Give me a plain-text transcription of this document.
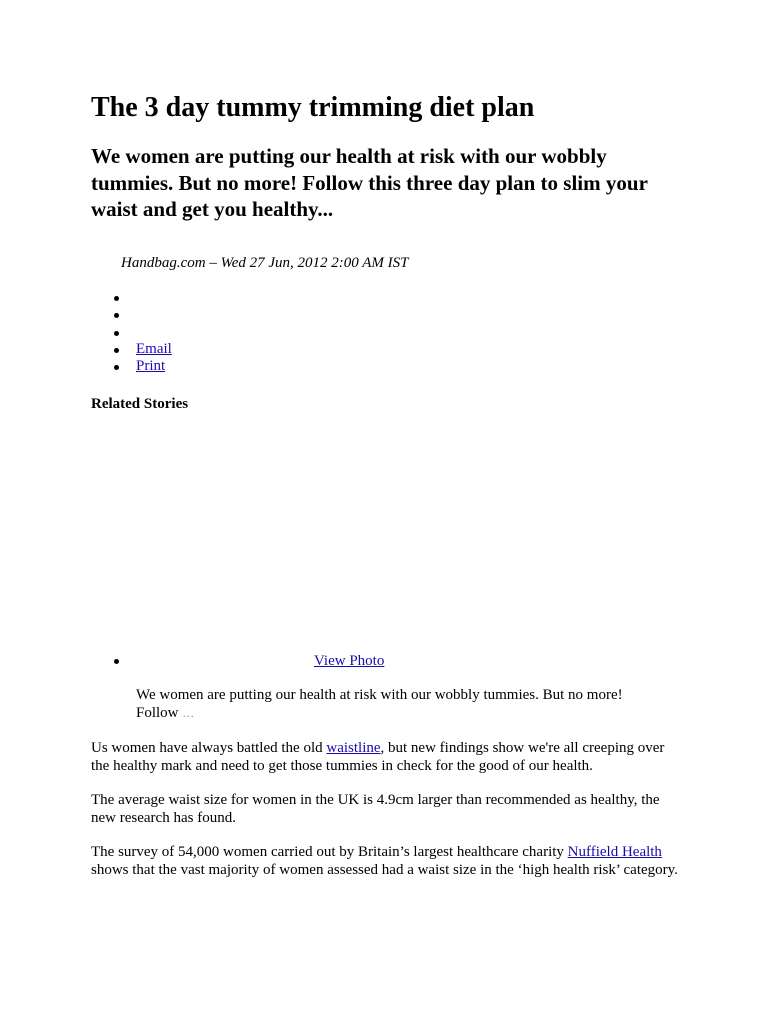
The 3 day tummy trimming diet plan
We women are putting our health at risk with our wobbly tummies. But no more! Follow this three day plan to slim your waist and get you healthy...

Handbag.com – Wed 27 Jun, 2012 2:00 AM IST

Email
Print
Related Stories
View Photo

We women are putting our health at risk with our wobbly tummies. But no more! Follow …

Us women have always battled the old waistline, but new findings show we're all creeping over the healthy mark and need to get those tummies in check for the good of our health.

The average waist size for women in the UK is 4.9cm larger than recommended as healthy, the new research has found.

The survey of 54,000 women carried out by Britain’s largest healthcare charity Nuffield Health shows that the vast majority of women assessed had a waist size in the ‘high health risk’ category.
